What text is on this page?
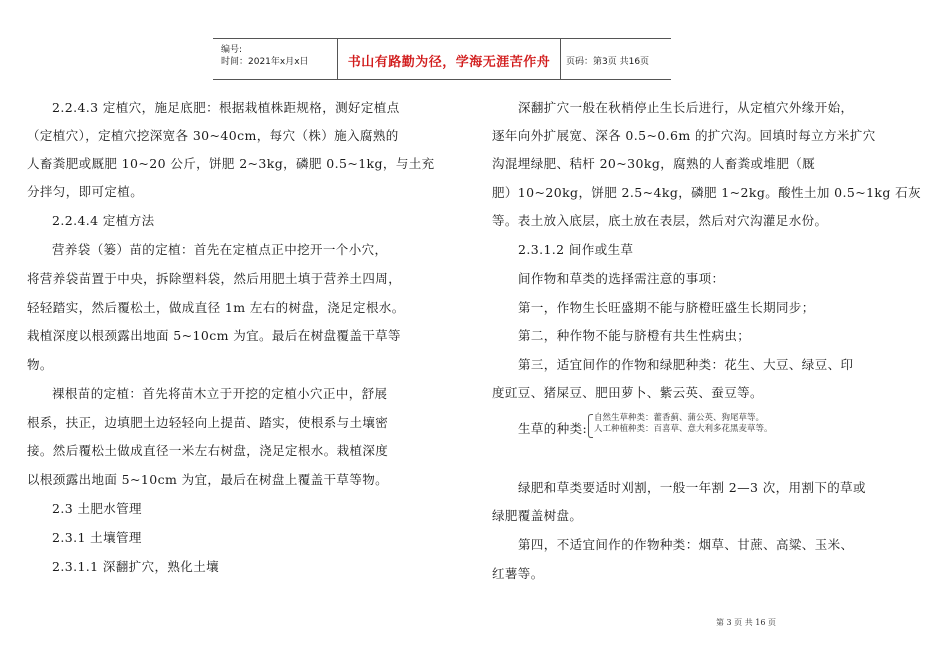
编号:
时间：2021年x月x日	书山有路勤为径，学海无涯苦作舟	页码：第3页 共16页
2.2.4.3 定植穴，施足底肥：根据栽植株距规格，测好定植点
（定植穴），定植穴挖深宽各 30~40cm，每穴（株）施入腐熟的
人畜粪肥或厩肥 10~20 公斤，饼肥 2~3kg，磷肥 0.5~1kg，与土充
分拌匀，即可定植。
2.2.4.4 定植方法
营养袋（篓）苗的定植：首先在定植点正中挖开一个小穴，
将营养袋苗置于中央，拆除塑料袋，然后用肥土填于营养土四周，
轻轻踏实，然后覆松土，做成直径 1m 左右的树盘，浇足定根水。
栽植深度以根颈露出地面 5~10cm 为宜。最后在树盘覆盖干草等
物。
裸根苗的定植：首先将苗木立于开挖的定植小穴正中，舒展
根系，扶正，边填肥土边轻轻向上提苗、踏实，使根系与土壤密
接。然后覆松土做成直径一米左右树盘，浇足定根水。栽植深度
以根颈露出地面 5~10cm 为宜，最后在树盘上覆盖干草等物。
2.3 土肥水管理
2.3.1 土壤管理
2.3.1.1 深翻扩穴，熟化土壤
深翻扩穴一般在秋梢停止生长后进行，从定植穴外缘开始，
逐年向外扩展宽、深各 0.5~0.6m 的扩穴沟。回填时每立方米扩穴
沟混埋绿肥、秸杆 20~30kg，腐熟的人畜粪或堆肥（厩
肥）10~20kg，饼肥 2.5~4kg，磷肥 1~2kg。酸性土加 0.5~1kg 石灰
等。表土放入底层，底土放在表层，然后对穴沟灌足水份。
2.3.1.2 间作或生草
间作物和草类的选择需注意的事项：
第一，作物生长旺盛期不能与脐橙旺盛生长期同步；
第二，种作物不能与脐橙有共生性病虫；
第三，适宜间作的作物和绿肥种类：花生、大豆、绿豆、印
度豇豆、猪屎豆、肥田萝卜、紫云英、蚕豆等。
生草的种类:
自然生草种类：藿香蓟、蒲公英、狗尾草等。
人工种植种类：百喜草、意大利多花黑麦草等。
绿肥和草类要适时刈割，一般一年割 2—3 次，用割下的草或
绿肥覆盖树盘。
第四，不适宜间作的作物种类：烟草、甘蔗、高粱、玉米、
红薯等。
第 3 页 共 16 页
